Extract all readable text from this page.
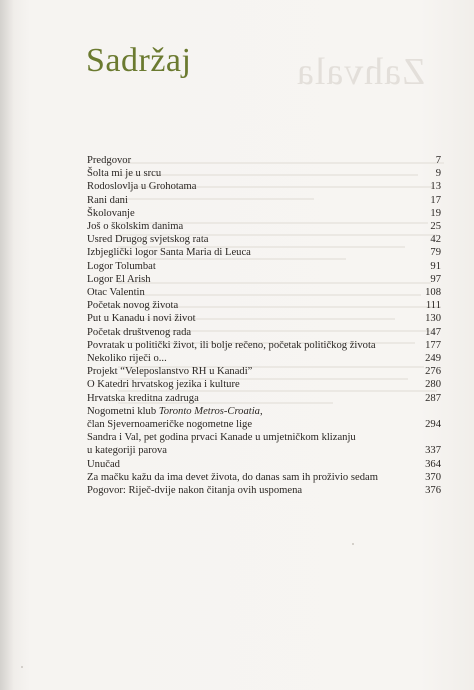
Zahvala
Sadržaj
Predgovor	7
Šolta mi je u srcu	9
Rodoslovlja u Grohotama	13
Rani dani	17
Školovanje	19
Još o školskim danima	25
Usred Drugog svjetskog rata	42
Izbjeglički logor Santa Maria di Leuca	79
Logor Tolumbat	91
Logor El Arish	97
Otac Valentin	108
Početak novog života	111
Put u Kanadu i novi život	130
Početak društvenog rada	147
Povratak u politički život, ili bolje rečeno, početak političkog života	177
Nekoliko riječi o...	249
Projekt “Veleposlanstvo RH u Kanadi”	276
O Katedri hrvatskog jezika i kulture	280
Hrvatska kreditna zadruga	287
Nogometni klub Toronto Metros-Croatia,
član Sjevernoameričke nogometne lige	294
Sandra i Val, pet godina prvaci Kanade u umjetničkom klizanju
u kategoriji parova	337
Unučad	364
Za mačku kažu da ima devet života, do danas sam ih proživio sedam	370
Pogovor: Riječ-dvije nakon čitanja ovih uspomena	376
